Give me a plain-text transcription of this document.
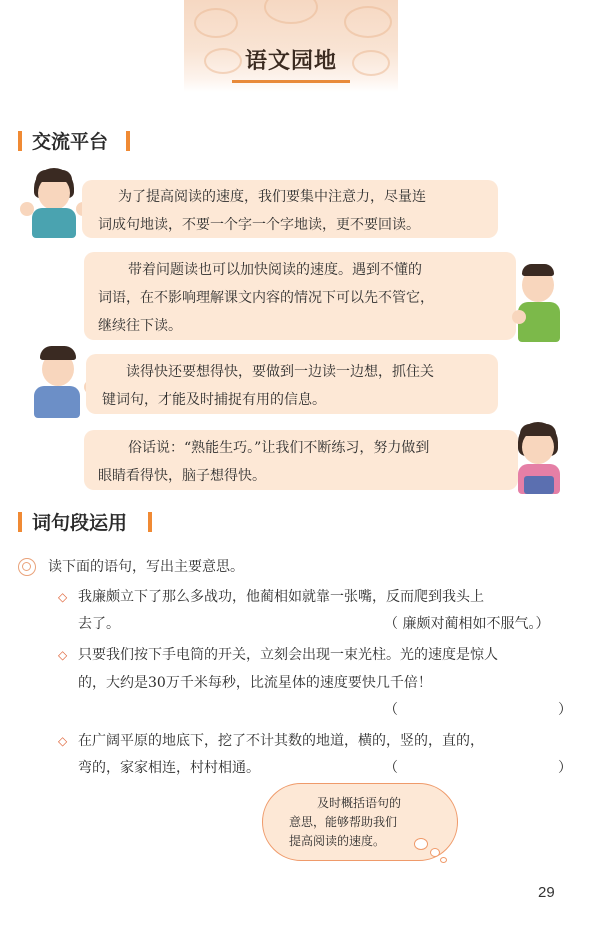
语文园地
交流平台
为了提高阅读的速度，我们要集中注意力，尽量连
词成句地读，不要一个字一个字地读，更不要回读。
带着问题读也可以加快阅读的速度。遇到不懂的
词语，在不影响理解课文内容的情况下可以先不管它，
继续往下读。
读得快还要想得快，要做到一边读一边想，抓住关
键词句，才能及时捕捉有用的信息。
俗话说：“熟能生巧。”让我们不断练习，努力做到
眼睛看得快，脑子想得快。
词句段运用
读下面的语句，写出主要意思。
◇ 我廉颇立下了那么多战功，他蔺相如就靠一张嘴，反而爬到我头上
去了。	（ 廉颇对蔺相如不服气。）
◇ 只要我们按下手电筒的开关，立刻会出现一束光柱。光的速度是惊人
的，大约是30万千米每秒，比流星体的速度要快几千倍！
（	）
◇ 在广阔平原的地底下，挖了不计其数的地道，横的，竖的，直的，
弯的，家家相连，村村相通。	（	）
及时概括语句的
意思，能够帮助我们
提高阅读的速度。
29
